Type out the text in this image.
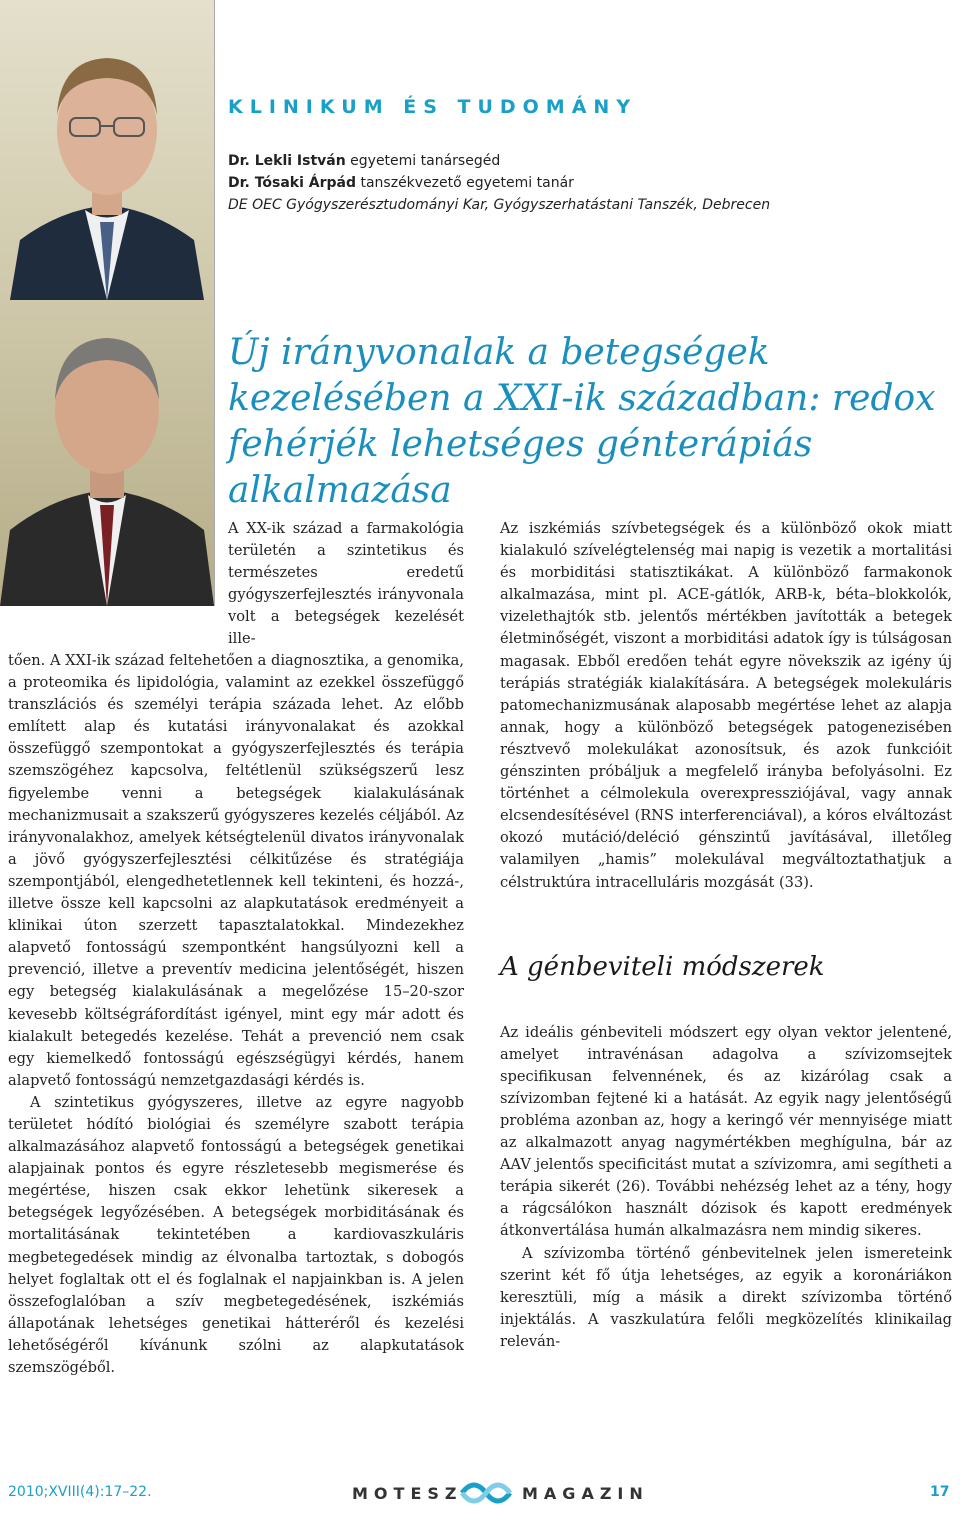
KLINIKUM ÉS TUDOMÁNY
Dr. Lekli István egyetemi tanársegéd
Dr. Tósaki Árpád tanszékvezető egyetemi tanár
DE OEC Gyógyszerésztudományi Kar, Gyógyszerhatástani Tanszék, Debrecen
Új irányvonalak a betegségek kezelésében a XXI-ik században: redox fehérjék lehetséges génterápiás alkalmazása
A XX-ik század a farmakológia területén a szintetikus és természetes eredetű gyógyszerfejlesztés irányvonala volt a betegségek kezelését ille-

tően. A XXI-ik század feltehetően a diagnosztika, a genomika, a proteomika és lipidológia, valamint az ezekkel összefüggő transzlációs és személyi terápia százada lehet. Az előbb említett alap és kutatási irányvonalakat és azokkal összefüggő szempontokat a gyógyszerfejlesztés és terápia szemszögéhez kapcsolva, feltétlenül szükségszerű lesz figyelembe venni a betegségek kialakulásának mechanizmusait a szakszerű gyógyszeres kezelés céljából. Az irányvonalakhoz, amelyek kétségtelenül divatos irányvonalak a jövő gyógyszerfejlesztési célkitűzése és stratégiája szempontjából, elengedhetetlennek kell tekinteni, és hozzá-, illetve össze kell kapcsolni az alapkutatások eredményeit a klinikai úton szerzett tapasztalatokkal. Mindezekhez alapvető fontosságú szempontként hangsúlyozni kell a prevenció, illetve a preventív medicina jelentőségét, hiszen egy betegség kialakulásának a megelőzése 15–20-szor kevesebb költségráfordítást igényel, mint egy már adott és kialakult betegedés kezelése. Tehát a prevenció nem csak egy kiemelkedő fontosságú egészségügyi kérdés, hanem alapvető fontosságú nemzetgazdasági kérdés is.

A szintetikus gyógyszeres, illetve az egyre nagyobb területet hódító biológiai és személyre szabott terápia alkalmazásához alapvető fontosságú a betegségek genetikai alapjainak pontos és egyre részletesebb megismerése és megértése, hiszen csak ekkor lehetünk sikeresek a betegségek legyőzésében. A betegségek morbiditásának és mortalitásának tekintetében a kardiovaszkuláris megbetegedések mindig az élvonalba tartoztak, s dobogós helyet foglaltak ott el és foglalnak el napjainkban is. A jelen összefoglalóban a szív megbetegedésének, iszkémiás állapotának lehetséges genetikai hátteréről és kezelési lehetőségéről kívánunk szólni az alapkutatások szemszögéből.

Az iszkémiás szívbetegségek és a különböző okok miatt kialakuló szívelégtelenség mai napig is vezetik a mortalitási és morbiditási statisztikákat. A különböző farmakonok alkalmazása, mint pl. ACE-gátlók, ARB-k, béta–blokkolók, vizelethajtók stb. jelentős mértékben javították a betegek életminőségét, viszont a morbiditási adatok így is túlságosan magasak. Ebből eredően tehát egyre növekszik az igény új terápiás stratégiák kialakítására. A betegségek molekuláris patomechanizmusának alaposabb megértése lehet az alapja annak, hogy a különböző betegségek patogenezisében résztvevő molekulákat azonosítsuk, és azok funkcióit génszinten próbáljuk a megfelelő irányba befolyásolni. Ez történhet a célmolekula overexpressziójával, vagy annak elcsendesítésével (RNS interferenciával), a kóros elváltozást okozó mutáció/deléció génszintű javításával, illetőleg valamilyen „hamis” molekulával megváltoztathatjuk a célstruktúra intracelluláris mozgását (33).

A génbeviteli módszerek

Az ideális génbeviteli módszert egy olyan vektor jelentené, amelyet intravénásan adagolva a szívizomsejtek specifikusan felvennének, és az kizárólag csak a szívizomban fejtené ki a hatását. Az egyik nagy jelentőségű probléma azonban az, hogy a keringő vér mennyisége miatt az alkalmazott anyag nagymértékben meghígulna, bár az AAV jelentős specificitást mutat a szívizomra, ami segítheti a terápia sikerét (26). További nehézség lehet az a tény, hogy a rágcsálókon használt dózisok és kapott eredmények átkonvertálása humán alkalmazásra nem mindig sikeres.

A szívizomba történő génbevitelnek jelen ismereteink szerint két fő útja lehetséges, az egyik a koronáriákon keresztüli, míg a másik a direkt szívizomba történő injektálás. A vaszkulatúra felőli megközelítés klinikailag releván-

2010;XVIII(4):17–22.	MOTESZ	MAGAZIN	17
